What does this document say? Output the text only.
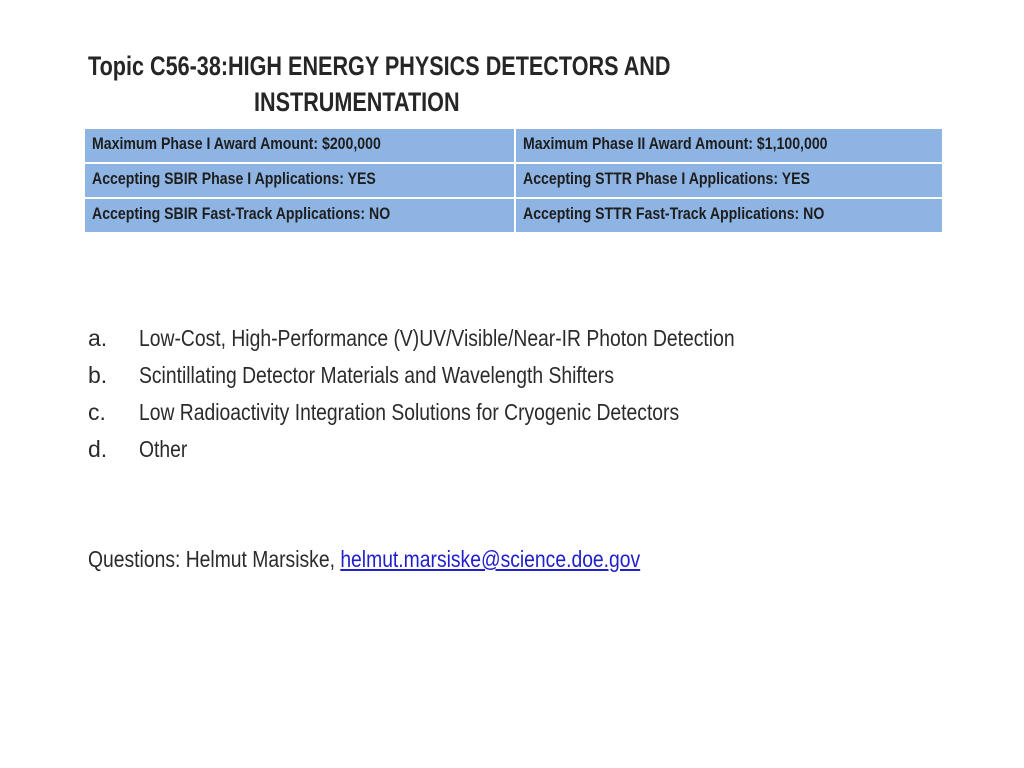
Topic C56-38:HIGH ENERGY PHYSICS DETECTORS AND
INSTRUMENTATION
Maximum Phase I Award Amount: $200,000	Maximum Phase II Award Amount: $1,100,000
Accepting SBIR Phase I Applications: YES	Accepting STTR Phase I Applications: YES
Accepting SBIR Fast-Track Applications: NO	Accepting STTR Fast-Track Applications: NO
a. Low-Cost, High-Performance (V)UV/Visible/Near-IR Photon Detection
b. Scintillating Detector Materials and Wavelength Shifters
c. Low Radioactivity Integration Solutions for Cryogenic Detectors
d. Other
Questions: Helmut Marsiske, helmut.marsiske@science.doe.gov
